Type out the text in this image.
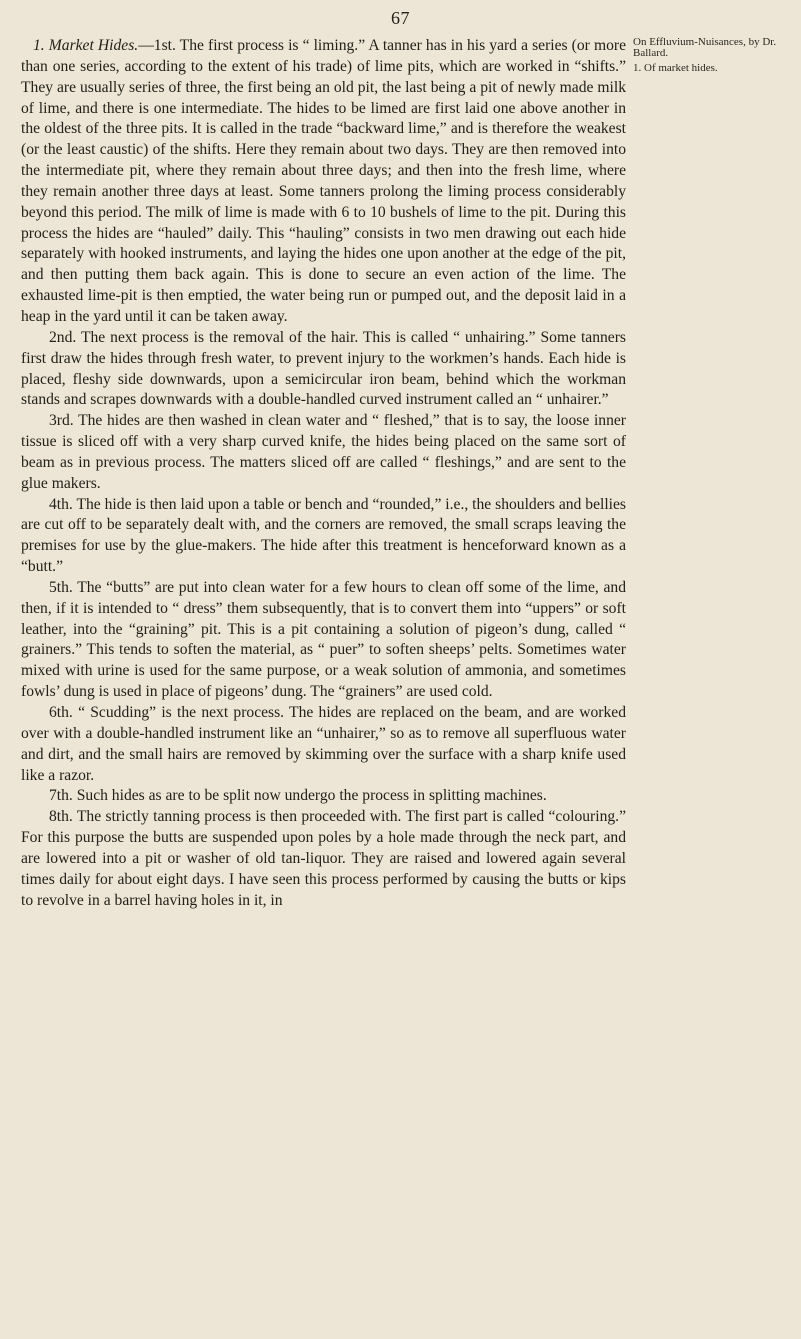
67

1. Market Hides.—1st. The first process is “ liming.” A tanner has in his yard a series (or more than one series, according to the extent of his trade) of lime pits, which are worked in “shifts.” They are usually series of three, the first being an old pit, the last being a pit of newly made milk of lime, and there is one intermediate. The hides to be limed are first laid one above another in the oldest of the three pits. It is called in the trade “backward lime,” and is therefore the weakest (or the least caustic) of the shifts. Here they remain about two days. They are then removed into the intermediate pit, where they remain about three days; and then into the fresh lime, where they remain another three days at least. Some tanners prolong the liming process considerably beyond this period. The milk of lime is made with 6 to 10 bushels of lime to the pit. During this process the hides are “hauled” daily. This “hauling” consists in two men drawing out each hide separately with hooked instruments, and laying the hides one upon another at the edge of the pit, and then putting them back again. This is done to secure an even action of the lime. The exhausted lime-pit is then emptied, the water being run or pumped out, and the deposit laid in a heap in the yard until it can be taken away.

2nd. The next process is the removal of the hair. This is called “ unhairing.” Some tanners first draw the hides through fresh water, to prevent injury to the workmen’s hands. Each hide is placed, fleshy side downwards, upon a semicircular iron beam, behind which the workman stands and scrapes downwards with a double-handled curved instrument called an “ unhairer.”

3rd. The hides are then washed in clean water and “ fleshed,” that is to say, the loose inner tissue is sliced off with a very sharp curved knife, the hides being placed on the same sort of beam as in previous process. The matters sliced off are called “ fleshings,” and are sent to the glue makers.

4th. The hide is then laid upon a table or bench and “rounded,” i.e., the shoulders and bellies are cut off to be separately dealt with, and the corners are removed, the small scraps leaving the premises for use by the glue-makers. The hide after this treatment is henceforward known as a “butt.”

5th. The “butts” are put into clean water for a few hours to clean off some of the lime, and then, if it is intended to “ dress” them subsequently, that is to convert them into “uppers” or soft leather, into the “graining” pit. This is a pit containing a solution of pigeon’s dung, called “ grainers.” This tends to soften the material, as “ puer” to soften sheeps’ pelts. Sometimes water mixed with urine is used for the same purpose, or a weak solution of ammonia, and sometimes fowls’ dung is used in place of pigeons’ dung. The “grainers” are used cold.

6th. “ Scudding” is the next process. The hides are replaced on the beam, and are worked over with a double-handled instrument like an “unhairer,” so as to remove all superfluous water and dirt, and the small hairs are removed by skimming over the surface with a sharp knife used like a razor.

7th. Such hides as are to be split now undergo the process in splitting machines.

8th. The strictly tanning process is then proceeded with. The first part is called “colouring.” For this purpose the butts are suspended upon poles by a hole made through the neck part, and are lowered into a pit or washer of old tan-liquor. They are raised and lowered again several times daily for about eight days. I have seen this process performed by causing the butts or kips to revolve in a barrel having holes in it, in

On Effluvium-Nuisances, by Dr. Ballard.
1. Of market hides.
